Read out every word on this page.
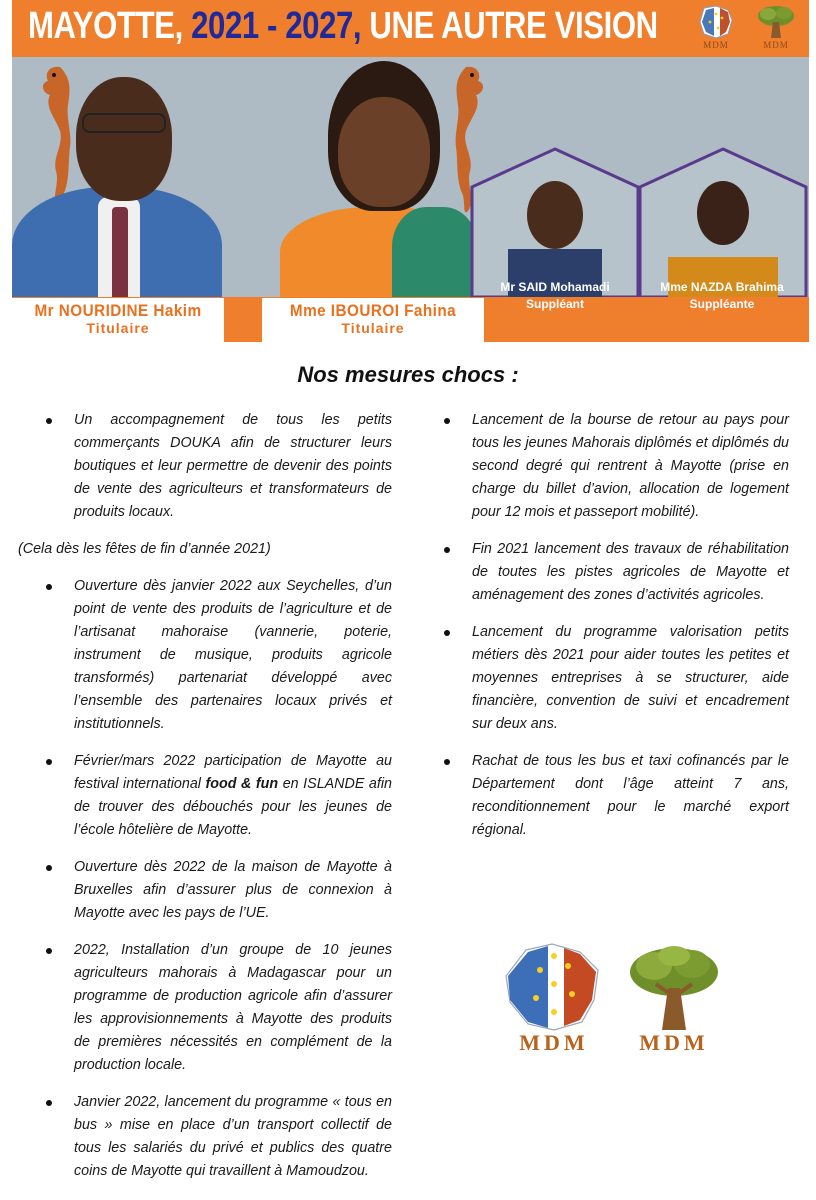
MAYOTTE, 2021 - 2027, UNE AUTRE VISION	MDM	MDM
Mr SAID Mohamadi
Suppléant
Mme NAZDA Brahima
Suppléante
Mr NOURIDINE Hakim
Titulaire
Mme IBOUROI Fahina
Titulaire
Nos mesures chocs :
Un accompagnement de tous les petits commerçants DOUKA afin de structurer leurs boutiques et leur permettre de devenir des points de vente des agriculteurs et transformateurs de produits locaux.
(Cela dès les fêtes de fin d’année 2021)
Ouverture dès janvier 2022 aux Seychelles, d’un point de vente des produits de l’agriculture et de l’artisanat mahoraise (vannerie, poterie, instrument de musique, produits agricole transformés) partenariat développé avec l’ensemble des partenaires locaux privés et institutionnels.
Février/mars 2022 participation de Mayotte au festival international food & fun en ISLANDE afin de trouver des débouchés pour les jeunes de l’école hôtelière de Mayotte.
Ouverture dès 2022 de la maison de Mayotte à Bruxelles afin d’assurer plus de connexion à Mayotte avec les pays de l’UE.
2022, Installation d’un groupe de 10 jeunes agriculteurs mahorais à Madagascar pour un programme de production agricole afin d’assurer les approvisionnements à Mayotte des produits de premières nécessités en complément de la production locale.
Janvier 2022, lancement du programme « tous en bus » mise en place d’un transport collectif de tous les salariés du privé et publics des quatre coins de Mayotte qui travaillent à Mamoudzou.
Lancement de la bourse de retour au pays pour tous les jeunes Mahorais diplômés et diplômés du second degré qui rentrent à Mayotte (prise en charge du billet d’avion, allocation de logement pour 12 mois et passeport mobilité).
Fin 2021 lancement des travaux de réhabilitation de toutes les pistes agricoles de Mayotte et aménagement des zones d’activités agricoles.
Lancement du programme valorisation petits métiers dès 2021 pour aider toutes les petites et moyennes entreprises à se structurer, aide financière, convention de suivi et encadrement sur deux ans.
Rachat de tous les bus et taxi cofinancés par le Département dont l’âge atteint 7 ans, reconditionnement pour le marché export régional.
MDM	MDM
